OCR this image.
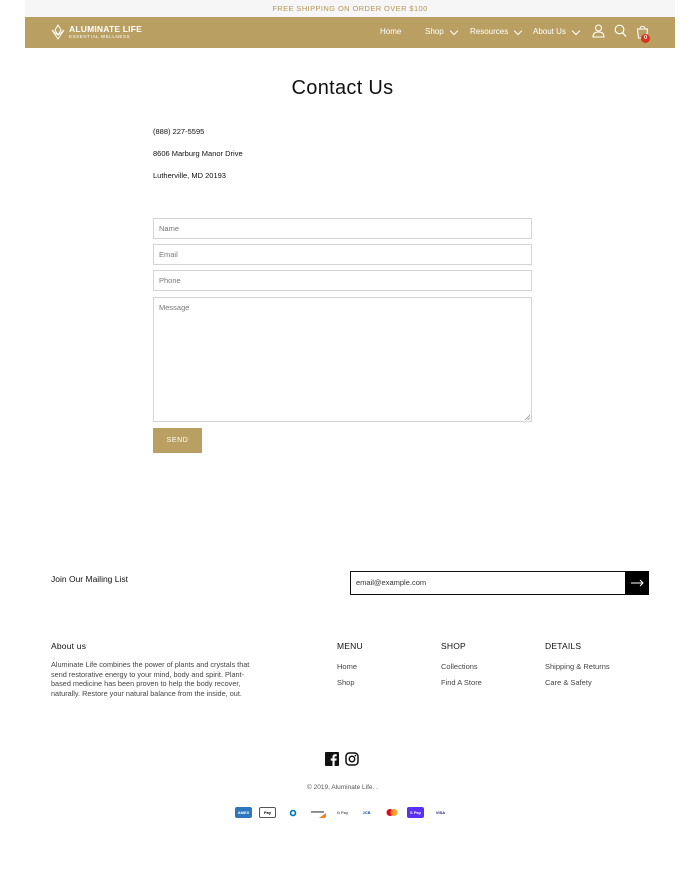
FREE SHIPPING ON ORDER OVER $100
ALUMINATE LIFE
ESSENTIAL WELLNESS	Home	Shop	Resources	About Us
0
Contact Us
(888) 227-5595
8606 Marburg Manor Drive
Lutherville, MD 20193
Name
Email
Phone
Message
SEND
Join Our Mailing List	email@example.com
About us
Aluminate Life combines the power of plants and crystals that send restorative energy to your mind, body and spirit. Plant-based medicine has been proven to help the body recover, naturally. Restore your natural balance from the inside, out.
MENU
Home
Shop
SHOP
Collections
Find A Store
DETAILS
Shipping & Returns
Care & Safety
© 2019, Aluminate Life. .
AMEX	Pay	G Pay	JCB	S Pay	VISA
